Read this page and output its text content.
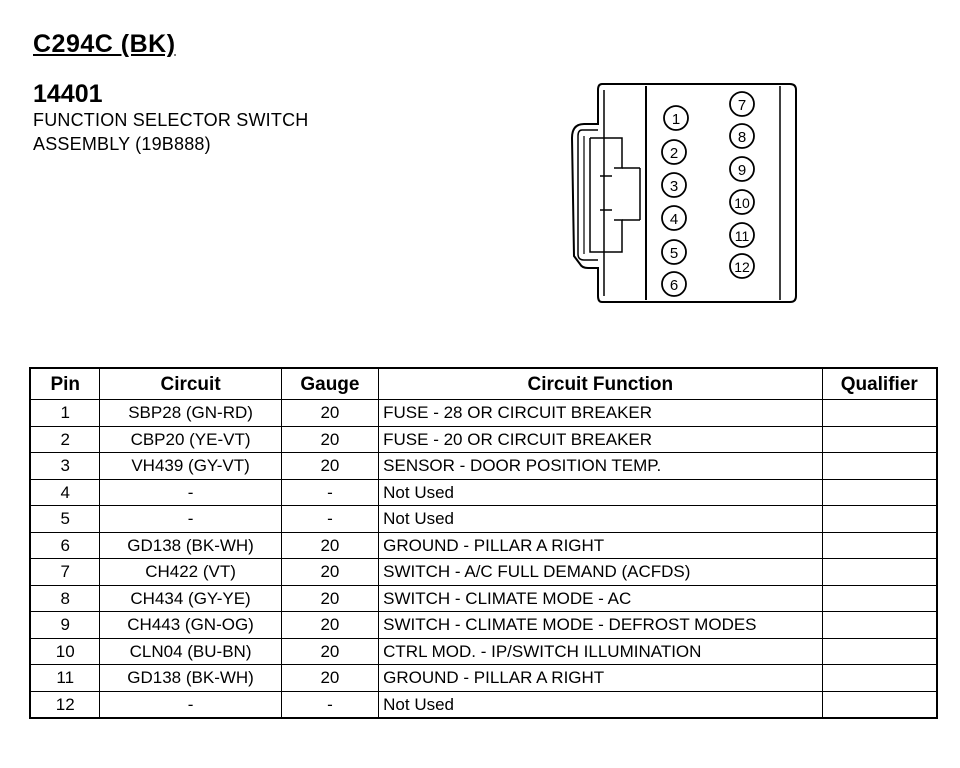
C294C (BK)
14401
FUNCTION SELECTOR SWITCH
ASSEMBLY (19B888)
1
2
3
4
5
6
7
8
9
10
11
12
Pin	Circuit	Gauge	Circuit Function	Qualifier
1	SBP28 (GN-RD)	20	FUSE - 28 OR CIRCUIT BREAKER	
2	CBP20 (YE-VT)	20	FUSE - 20 OR CIRCUIT BREAKER	
3	VH439 (GY-VT)	20	SENSOR - DOOR POSITION TEMP.	
4	-	-	Not Used	
5	-	-	Not Used	
6	GD138 (BK-WH)	20	GROUND - PILLAR A RIGHT	
7	CH422 (VT)	20	SWITCH - A/C FULL DEMAND (ACFDS)	
8	CH434 (GY-YE)	20	SWITCH - CLIMATE MODE - AC	
9	CH443 (GN-OG)	20	SWITCH - CLIMATE MODE - DEFROST MODES	
10	CLN04 (BU-BN)	20	CTRL MOD. - IP/SWITCH ILLUMINATION	
11	GD138 (BK-WH)	20	GROUND - PILLAR A RIGHT	
12	-	-	Not Used	
